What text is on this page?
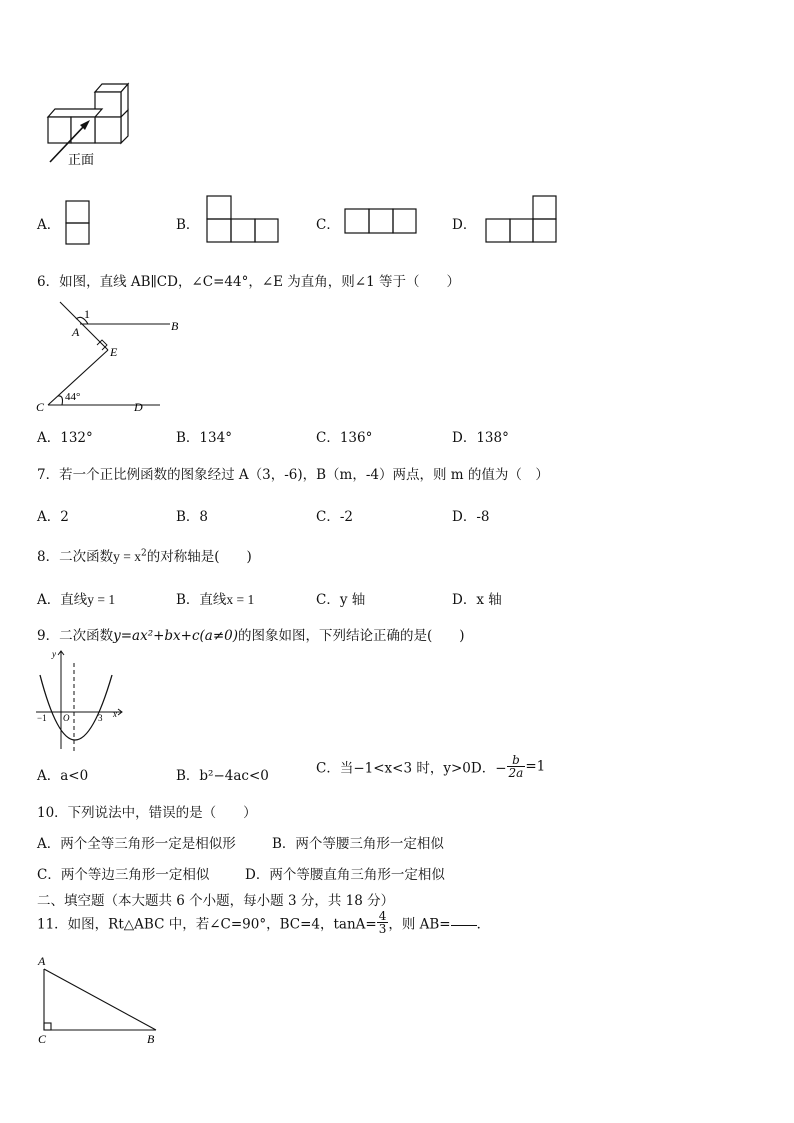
正面
A．	B．	C．	D．
6．如图，直线 AB∥CD，∠C=44°，∠E 为直角，则∠1 等于（　　）
1
A	B
E
C	D
44°
A．132°	B．134°	C．136°	D．138°
7．若一个正比例函数的图象经过 A（3，-6)，B（m，-4）两点，则 m 的值为（　）
A．2	B．8	C．-2	D．-8
8．二次函数$y = x^2$的对称轴是(　　)
A．直线y = 1	B．直线x = 1	C．y 轴	D．x 轴
9．二次函数y=ax²+bx+c(a≠0)的图象如图，下列结论正确的是(　　)
y
x
O
−1	3
A．a<0	B．b²−4ac<0	C．当−1<x<3 时，y>0D．− $\frac{b}{2a} =1$
10．下列说法中，错误的是（　　）
A．两个全等三角形一定是相似形	B．两个等腰三角形一定相似
C．两个等边三角形一定相似	D．两个等腰直角三角形一定相似
二、填空题（本大题共 6 个小题，每小题 3 分，共 18 分）
11．如图，Rt△ABC 中，若∠C=90°，BC=4，$\tan A= \frac{4}{3}$ ，则 AB= ．
A
C	B
